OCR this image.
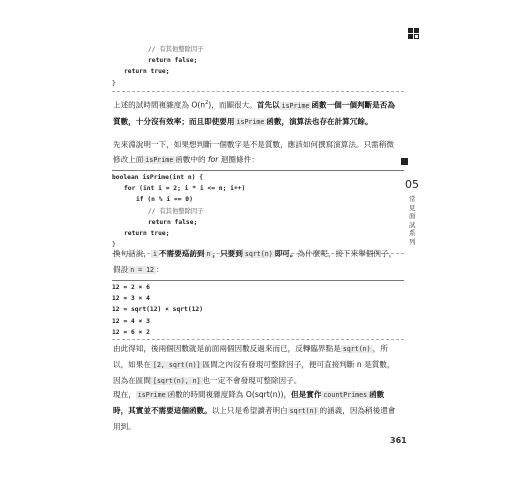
// 有其他整除因子
return false;
return true;
}
上述的試時間複雜度為 $O(n^2)$，而顯很大。首先以 isPrime 函數一個一個判斷是否為質數，十分沒有效率；而且即使要用 isPrime 函數，演算法也存在計算冗餘。
先來淵說明一下，如果想判斷一個數字是不是質數，應該如何撰寫演算法。只需稍微修改上面 isPrime 函數中的 for 迴圈條件：
boolean isPrime(int n) {
for (int i = 2; i * i <= n; i++)
if (n % i == 0)
// 有其他整除因子
return false;
return true;
}
換句話說， i 不需要巡訪到 n ，只要到 sqrt(n) 即可。為什麼呢，接下來舉個例子，假設 n = 12 ：
12 = 2 × 6
12 = 3 × 4
12 = sqrt(12) × sqrt(12)
12 = 4 × 3
12 = 6 × 2
由此得知，後兩個因數就是前面兩個因數反過來而已，反轉臨界點是 sqrt(n) ，所以，如果在 [2, sqrt(n)] 區間之內沒有發現可整除因子，便可直接判斷 n 是質數，因為在區間 [sqrt(n), n] 也一定不會發現可整除因子。
現在， isPrime 函數的時間複雜度降為 O(sqrt(n))，但是實作 countPrimes 函數時，其實並不需要這個函數。以上只是希望讀者明白 sqrt(n) 的涵義，因為稍後還會用到。
05
常見面試系列
361
